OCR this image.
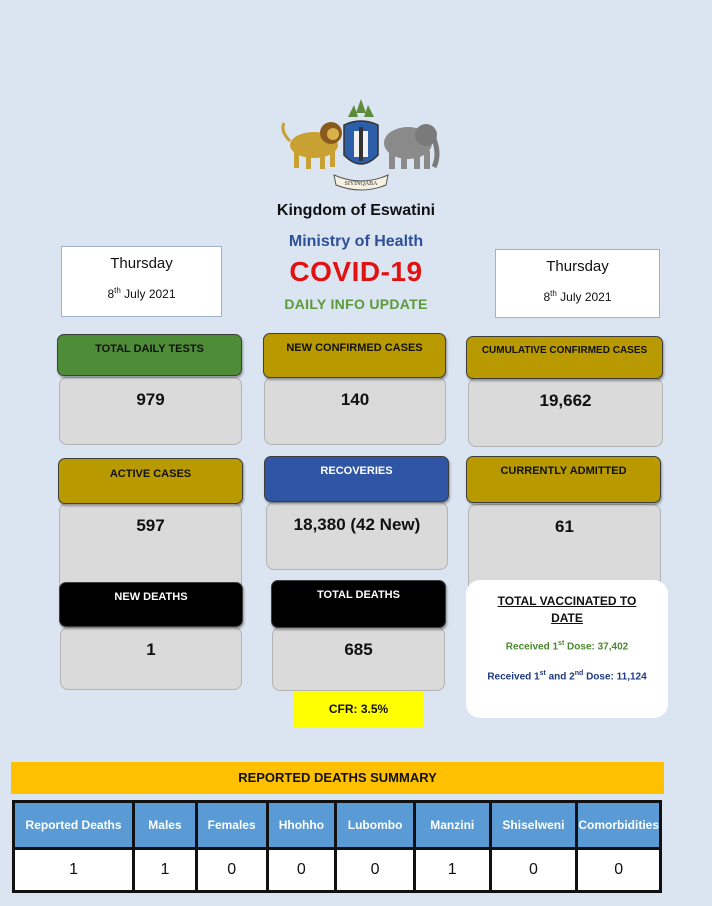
SIYINQABA
Kingdom of Eswatini
Ministry of Health
COVID-19
DAILY INFO UPDATE
Thursday
8th July 2021
Thursday
8th July 2021
979
TOTAL DAILY TESTS
140
NEW CONFIRMED CASES
19,662
CUMULATIVE CONFIRMED CASES
597
ACTIVE CASES
18,380 (42 New)
RECOVERIES
61
CURRENTLY ADMITTED
1
NEW DEATHS
685
TOTAL DEATHS
CFR: 3.5%
TOTAL VACCINATED TO DATE
Received 1st Dose: 37,402
Received 1st and 2nd Dose: 11,124
REPORTED DEATHS SUMMARY
Reported Deaths	Males	Females	Hhohho	Lubombo	Manzini	Shiselweni	Comorbidities
1	1	0	0	0	1	0	0
